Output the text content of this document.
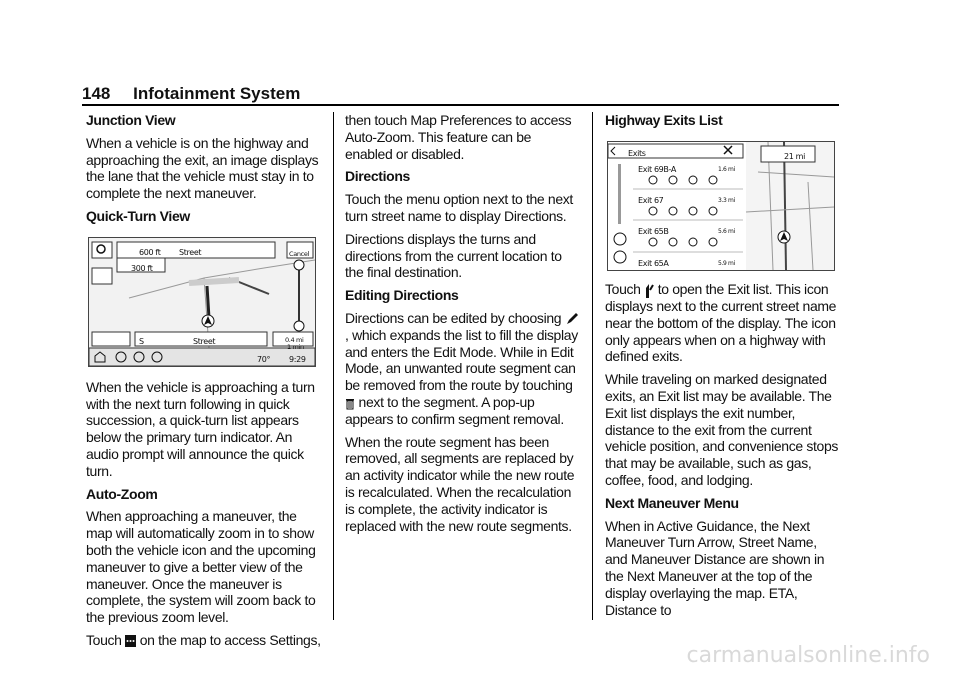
148 Infotainment System
Junction View

When a vehicle is on the highway and approaching the exit, an image displays the lane that the vehicle must stay in to complete the next maneuver.

Quick-Turn View
600 ft Street
300 ft
Cancel
S	Street	0.4 mi
1 min
70° 9:29

When the vehicle is approaching a turn with the next turn following in quick succession, a quick-turn list appears below the primary turn indicator. An audio prompt will announce the quick turn.

Auto-Zoom

When approaching a maneuver, the map will automatically zoom in to show both the vehicle icon and the upcoming maneuver to give a better view of the maneuver. Once the maneuver is complete, the system will zoom back to the previous zoom level.

Touch on the map to access Settings,

then touch Map Preferences to access Auto-Zoom. This feature can be enabled or disabled.

Directions

Touch the menu option next to the next turn street name to display Directions.

Directions displays the turns and directions from the current location to the final destination.

Editing Directions

Directions can be edited by choosing  , which expands the list to fill the display and enters the Edit Mode. While in Edit Mode, an unwanted route segment can be removed from the route by touching  next to the segment. A pop-up appears to confirm segment removal.

When the route segment has been removed, all segments are replaced by an activity indicator while the new route is recalculated. When the recalculation is complete, the activity indicator is replaced with the new route segments.

Highway Exits List
Exits	21 mi
Exit 69B-A	1.6 mi
Exit 67	3.3 mi
Exit 65B	5.6 mi
Exit 65A	5.9 mi

Touch to open the Exit list. This icon displays next to the current street name near the bottom of the display. The icon only appears when on a highway with defined exits.

While traveling on marked designated exits, an Exit list may be available. The Exit list displays the exit number, distance to the exit from the current vehicle position, and convenience stops that may be available, such as gas, coffee, food, and lodging.

Next Maneuver Menu

When in Active Guidance, the Next Maneuver Turn Arrow, Street Name, and Maneuver Distance are shown in the Next Maneuver at the top of the display overlaying the map. ETA, Distance to

carmanualsonline.info
